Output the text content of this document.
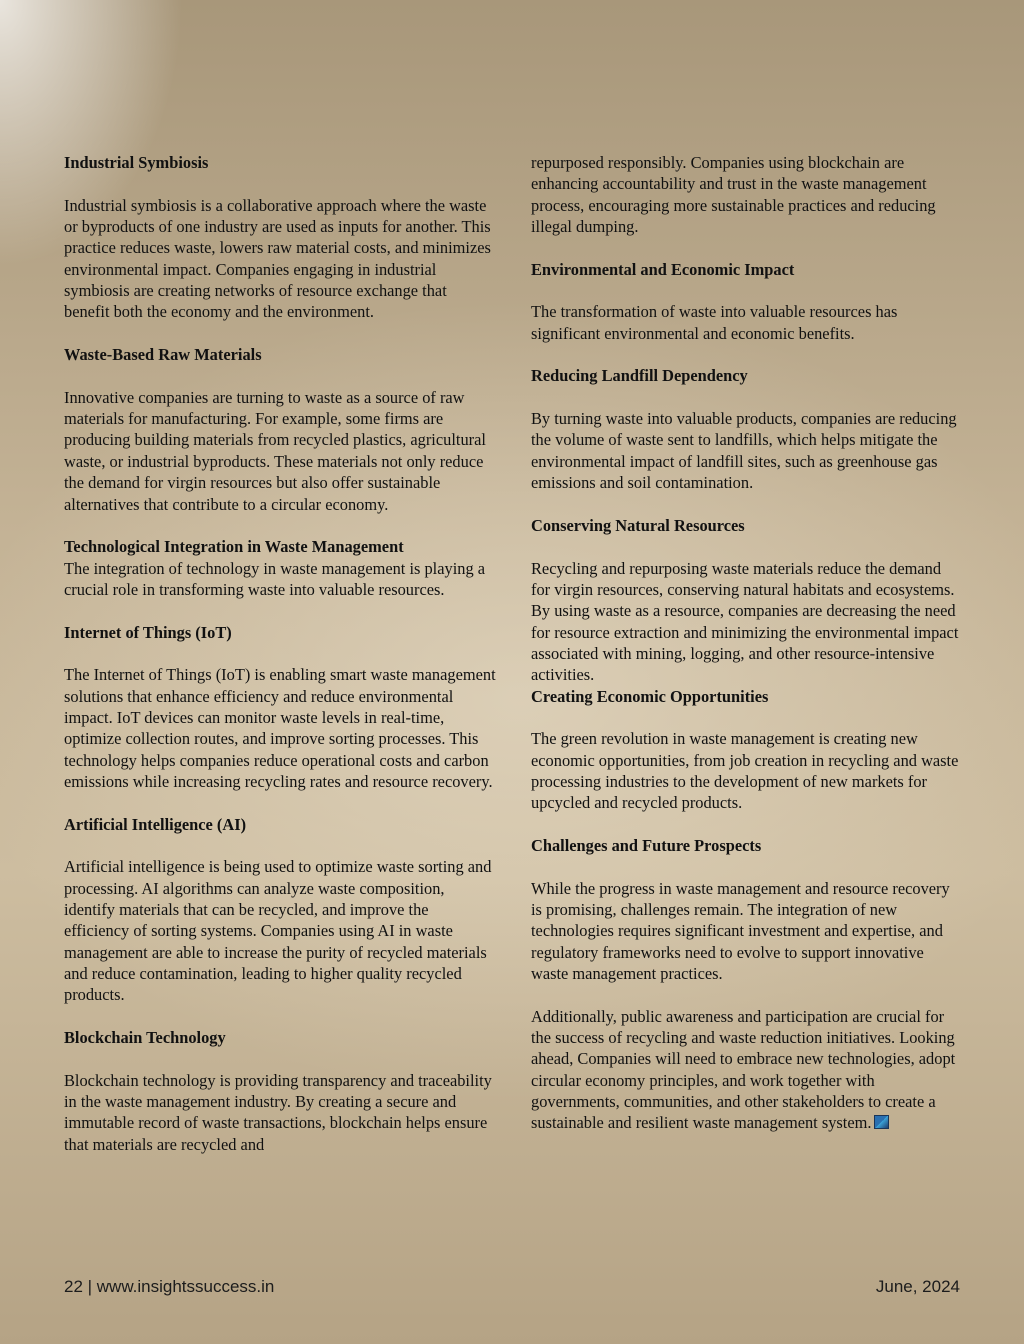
Industrial Symbiosis

Industrial symbiosis is a collaborative approach where the waste or byproducts of one industry are used as inputs for another. This practice reduces waste, lowers raw material costs, and minimizes environmental impact. Companies engaging in industrial symbiosis are creating networks of resource exchange that benefit both the economy and the environment.

Waste-Based Raw Materials

Innovative companies are turning to waste as a source of raw materials for manufacturing. For example, some firms are producing building materials from recycled plastics, agricultural waste, or industrial byproducts. These materials not only reduce the demand for virgin resources but also offer sustainable alternatives that contribute to a circular economy.

Technological Integration in Waste Management

The integration of technology in waste management is playing a crucial role in transforming waste into valuable resources.

Internet of Things (IoT)

The Internet of Things (IoT) is enabling smart waste management solutions that enhance efficiency and reduce environmental impact. IoT devices can monitor waste levels in real-time, optimize collection routes, and improve sorting processes. This technology helps companies reduce operational costs and carbon emissions while increasing recycling rates and resource recovery.

Artificial Intelligence (AI)

Artificial intelligence is being used to optimize waste sorting and processing. AI algorithms can analyze waste composition, identify materials that can be recycled, and improve the efficiency of sorting systems. Companies using AI in waste management are able to increase the purity of recycled materials and reduce contamination, leading to higher quality recycled products.

Blockchain Technology

Blockchain technology is providing transparency and traceability in the waste management industry. By creating a secure and immutable record of waste transactions, blockchain helps ensure that materials are recycled and

repurposed responsibly. Companies using blockchain are enhancing accountability and trust in the waste management process, encouraging more sustainable practices and reducing illegal dumping.

Environmental and Economic Impact

The transformation of waste into valuable resources has significant environmental and economic benefits.

Reducing Landfill Dependency

By turning waste into valuable products, companies are reducing the volume of waste sent to landfills, which helps mitigate the environmental impact of landfill sites, such as greenhouse gas emissions and soil contamination.

Conserving Natural Resources

Recycling and repurposing waste materials reduce the demand for virgin resources, conserving natural habitats and ecosystems. By using waste as a resource, companies are decreasing the need for resource extraction and minimizing the environmental impact associated with mining, logging, and other resource-intensive activities.

Creating Economic Opportunities

The green revolution in waste management is creating new economic opportunities, from job creation in recycling and waste processing industries to the development of new markets for upcycled and recycled products.

Challenges and Future Prospects

While the progress in waste management and resource recovery is promising, challenges remain. The integration of new technologies requires significant investment and expertise, and regulatory frameworks need to evolve to support innovative waste management practices.

Additionally, public awareness and participation are crucial for the success of recycling and waste reduction initiatives. Looking ahead, Companies will need to embrace new technologies, adopt circular economy principles, and work together with governments, communities, and other stakeholders to create a sustainable and resilient waste management system.

22 | www.insightssuccess.in	June, 2024
